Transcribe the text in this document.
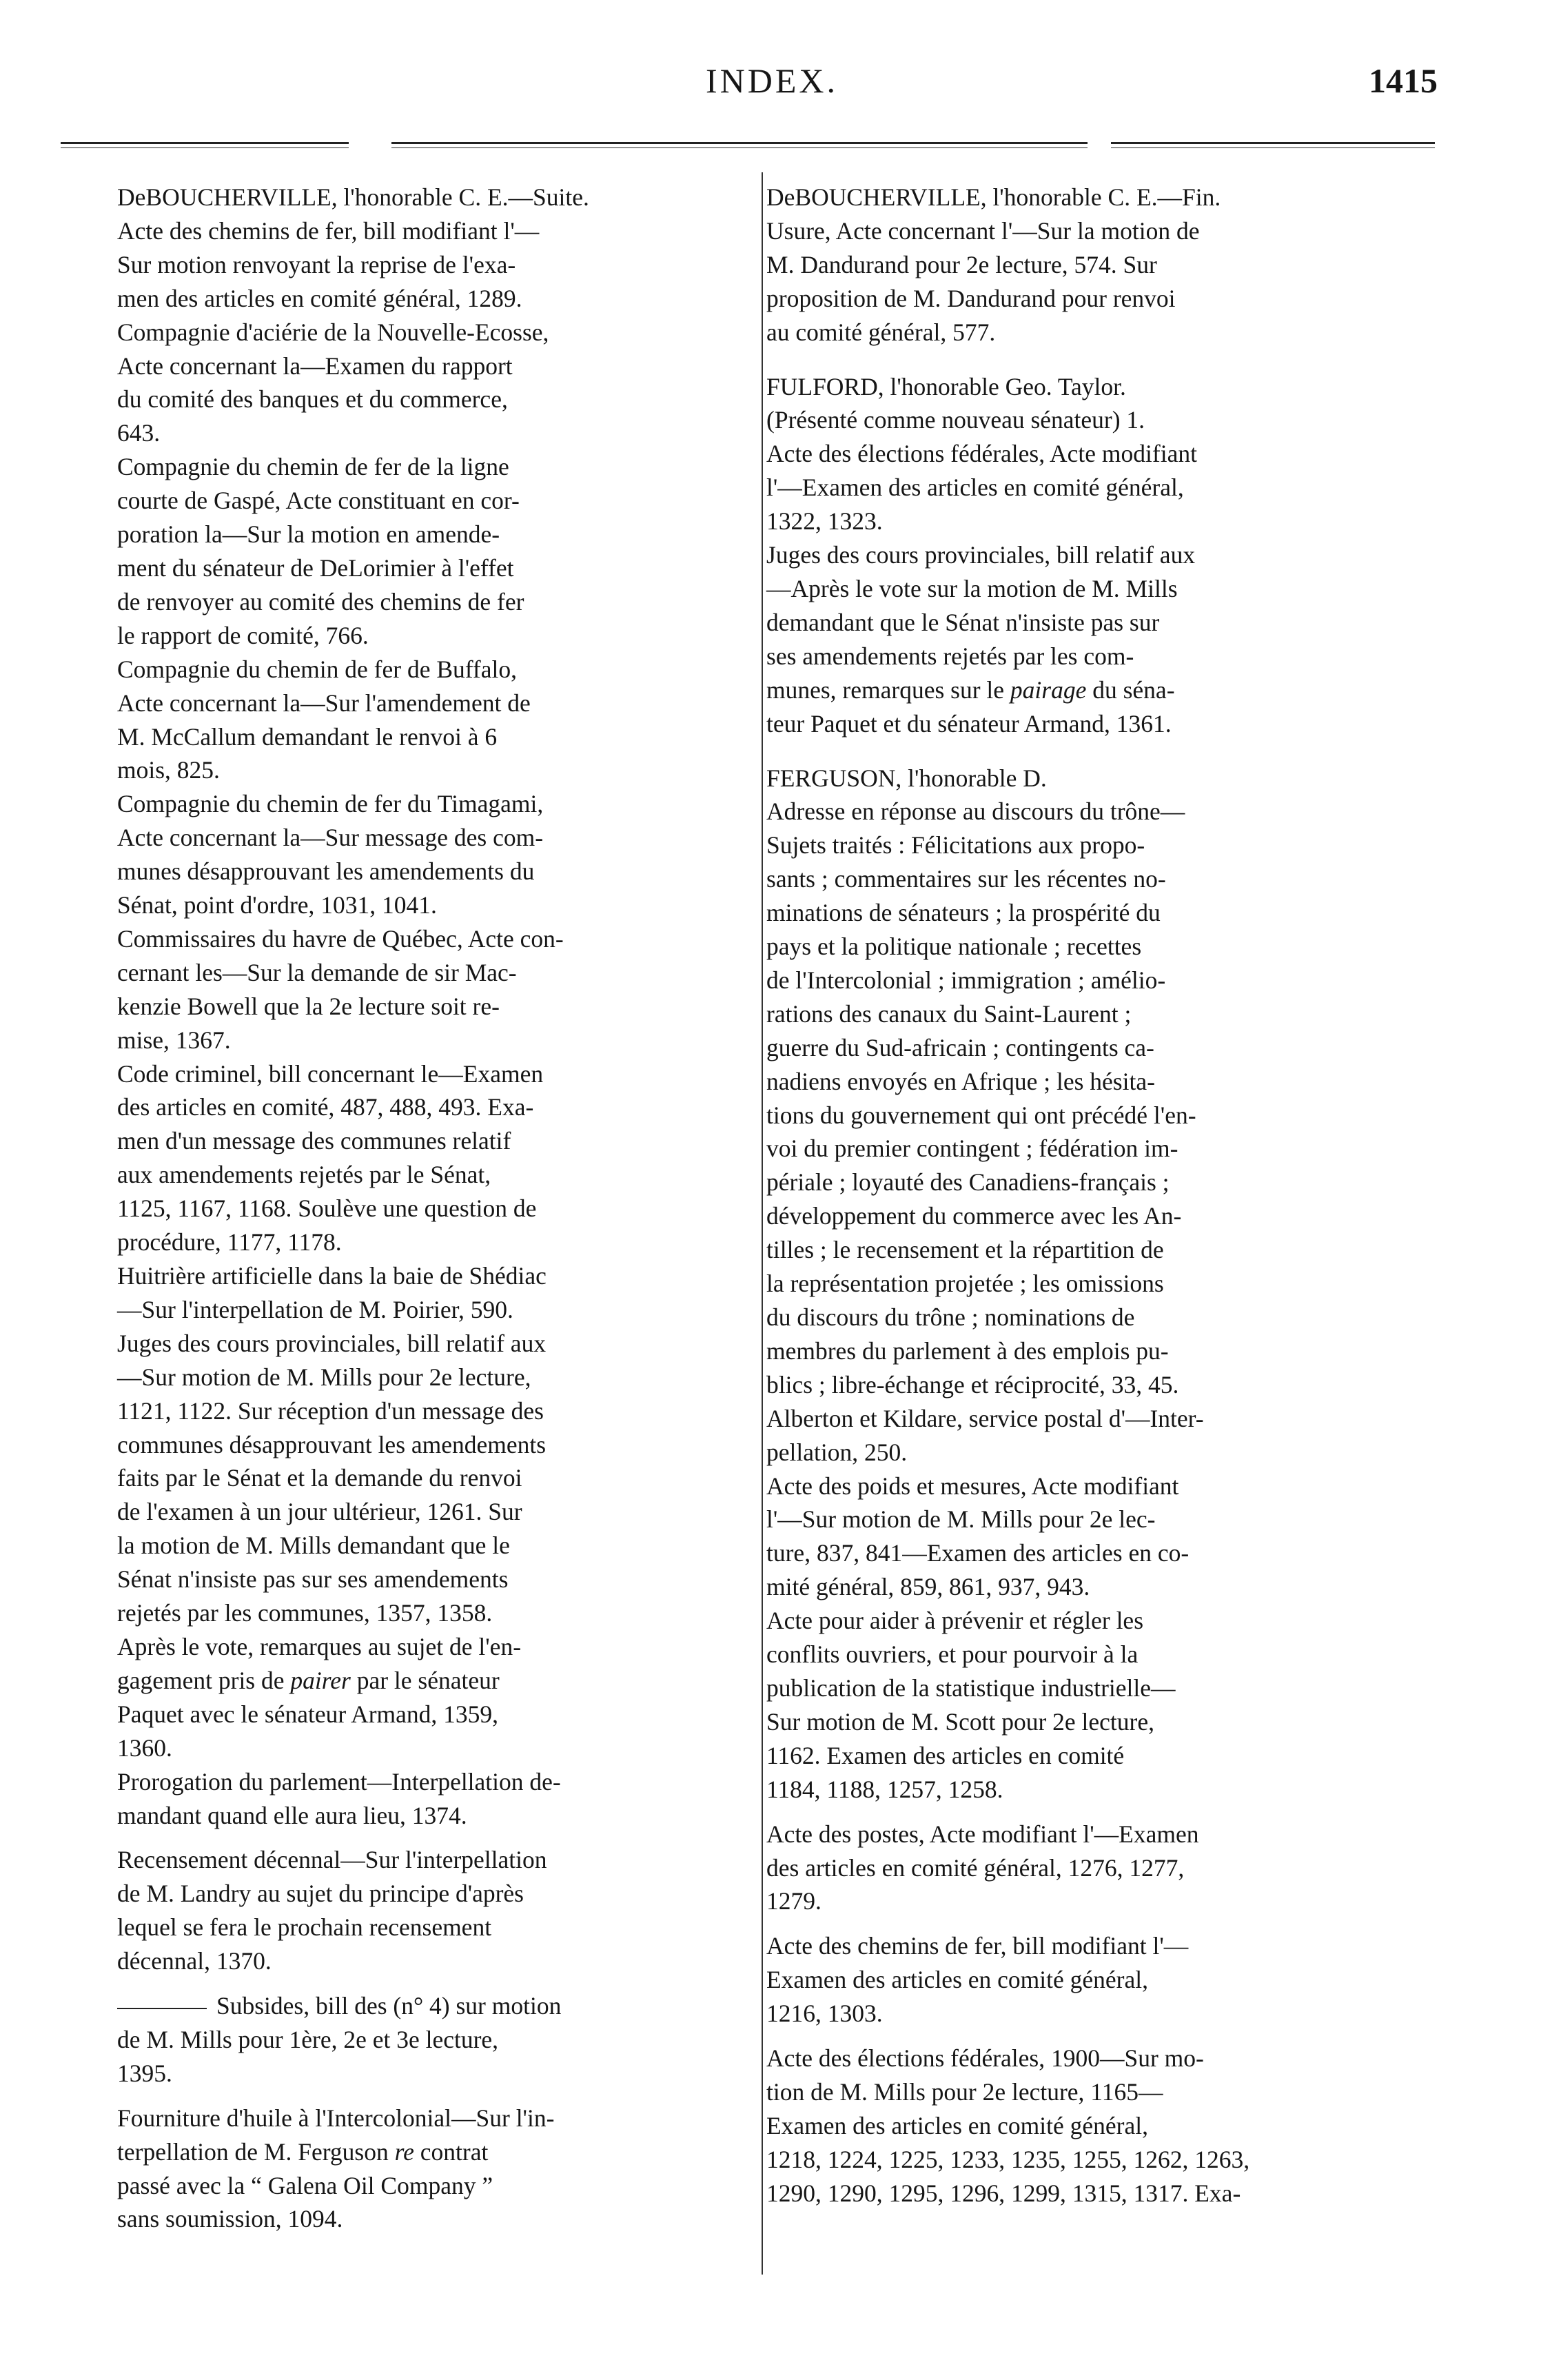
INDEX.	1415
DeBOUCHERVILLE, l'honorable C. E.—Suite.
Acte des chemins de fer, bill modifiant l'—
Sur motion renvoyant la reprise de l'exa-
men des articles en comité général, 1289.
Compagnie d'aciérie de la Nouvelle-Ecosse,
Acte concernant la—Examen du rapport
du comité des banques et du commerce,
643.
Compagnie du chemin de fer de la ligne
courte de Gaspé, Acte constituant en cor-
poration la—Sur la motion en amende-
ment du sénateur de DeLorimier à l'effet
de renvoyer au comité des chemins de fer
le rapport de comité, 766.
Compagnie du chemin de fer de Buffalo,
Acte concernant la—Sur l'amendement de
M. McCallum demandant le renvoi à 6
mois, 825.
Compagnie du chemin de fer du Timagami,
Acte concernant la—Sur message des com-
munes désapprouvant les amendements du
Sénat, point d'ordre, 1031, 1041.
Commissaires du havre de Québec, Acte con-
cernant les—Sur la demande de sir Mac-
kenzie Bowell que la 2e lecture soit re-
mise, 1367.
Code criminel, bill concernant le—Examen
des articles en comité, 487, 488, 493. Exa-
men d'un message des communes relatif
aux amendements rejetés par le Sénat,
1125, 1167, 1168. Soulève une question de
procédure, 1177, 1178.
Huitrière artificielle dans la baie de Shédiac
—Sur l'interpellation de M. Poirier, 590.
Juges des cours provinciales, bill relatif aux
—Sur motion de M. Mills pour 2e lecture,
1121, 1122. Sur réception d'un message des
communes désapprouvant les amendements
faits par le Sénat et la demande du renvoi
de l'examen à un jour ultérieur, 1261. Sur
la motion de M. Mills demandant que le
Sénat n'insiste pas sur ses amendements
rejetés par les communes, 1357, 1358.
Après le vote, remarques au sujet de l'en-
gagement pris de pairer par le sénateur
Paquet avec le sénateur Armand, 1359,
1360.
Prorogation du parlement—Interpellation de-
mandant quand elle aura lieu, 1374.
Recensement décennal—Sur l'interpellation
de M. Landry au sujet du principe d'après
lequel se fera le prochain recensement
décennal, 1370.
Subsides, bill des (n° 4) sur motion
de M. Mills pour 1ère, 2e et 3e lecture,
1395.
Fourniture d'huile à l'Intercolonial—Sur l'in-
terpellation de M. Ferguson re contrat
passé avec la “ Galena Oil Company ”
sans soumission, 1094.
DeBOUCHERVILLE, l'honorable C. E.—Fin.
Usure, Acte concernant l'—Sur la motion de
M. Dandurand pour 2e lecture, 574. Sur
proposition de M. Dandurand pour renvoi
au comité général, 577.
FULFORD, l'honorable Geo. Taylor.
(Présenté comme nouveau sénateur) 1.
Acte des élections fédérales, Acte modifiant
l'—Examen des articles en comité général,
1322, 1323.
Juges des cours provinciales, bill relatif aux
—Après le vote sur la motion de M. Mills
demandant que le Sénat n'insiste pas sur
ses amendements rejetés par les com-
munes, remarques sur le pairage du séna-
teur Paquet et du sénateur Armand, 1361.
FERGUSON, l'honorable D.
Adresse en réponse au discours du trône—
Sujets traités : Félicitations aux propo-
sants ; commentaires sur les récentes no-
minations de sénateurs ; la prospérité du
pays et la politique nationale ; recettes
de l'Intercolonial ; immigration ; amélio-
rations des canaux du Saint-Laurent ;
guerre du Sud-africain ; contingents ca-
nadiens envoyés en Afrique ; les hésita-
tions du gouvernement qui ont précédé l'en-
voi du premier contingent ; fédération im-
périale ; loyauté des Canadiens-français ;
développement du commerce avec les An-
tilles ; le recensement et la répartition de
la représentation projetée ; les omissions
du discours du trône ; nominations de
membres du parlement à des emplois pu-
blics ; libre-échange et réciprocité, 33, 45.
Alberton et Kildare, service postal d'—Inter-
pellation, 250.
Acte des poids et mesures, Acte modifiant
l'—Sur motion de M. Mills pour 2e lec-
ture, 837, 841—Examen des articles en co-
mité général, 859, 861, 937, 943.
Acte pour aider à prévenir et régler les
conflits ouvriers, et pour pourvoir à la
publication de la statistique industrielle—
Sur motion de M. Scott pour 2e lecture,
1162. Examen des articles en comité
1184, 1188, 1257, 1258.
Acte des postes, Acte modifiant l'—Examen
des articles en comité général, 1276, 1277,
1279.
Acte des chemins de fer, bill modifiant l'—
Examen des articles en comité général,
1216, 1303.
Acte des élections fédérales, 1900—Sur mo-
tion de M. Mills pour 2e lecture, 1165—
Examen des articles en comité général,
1218, 1224, 1225, 1233, 1235, 1255, 1262, 1263,
1290, 1290, 1295, 1296, 1299, 1315, 1317. Exa-
